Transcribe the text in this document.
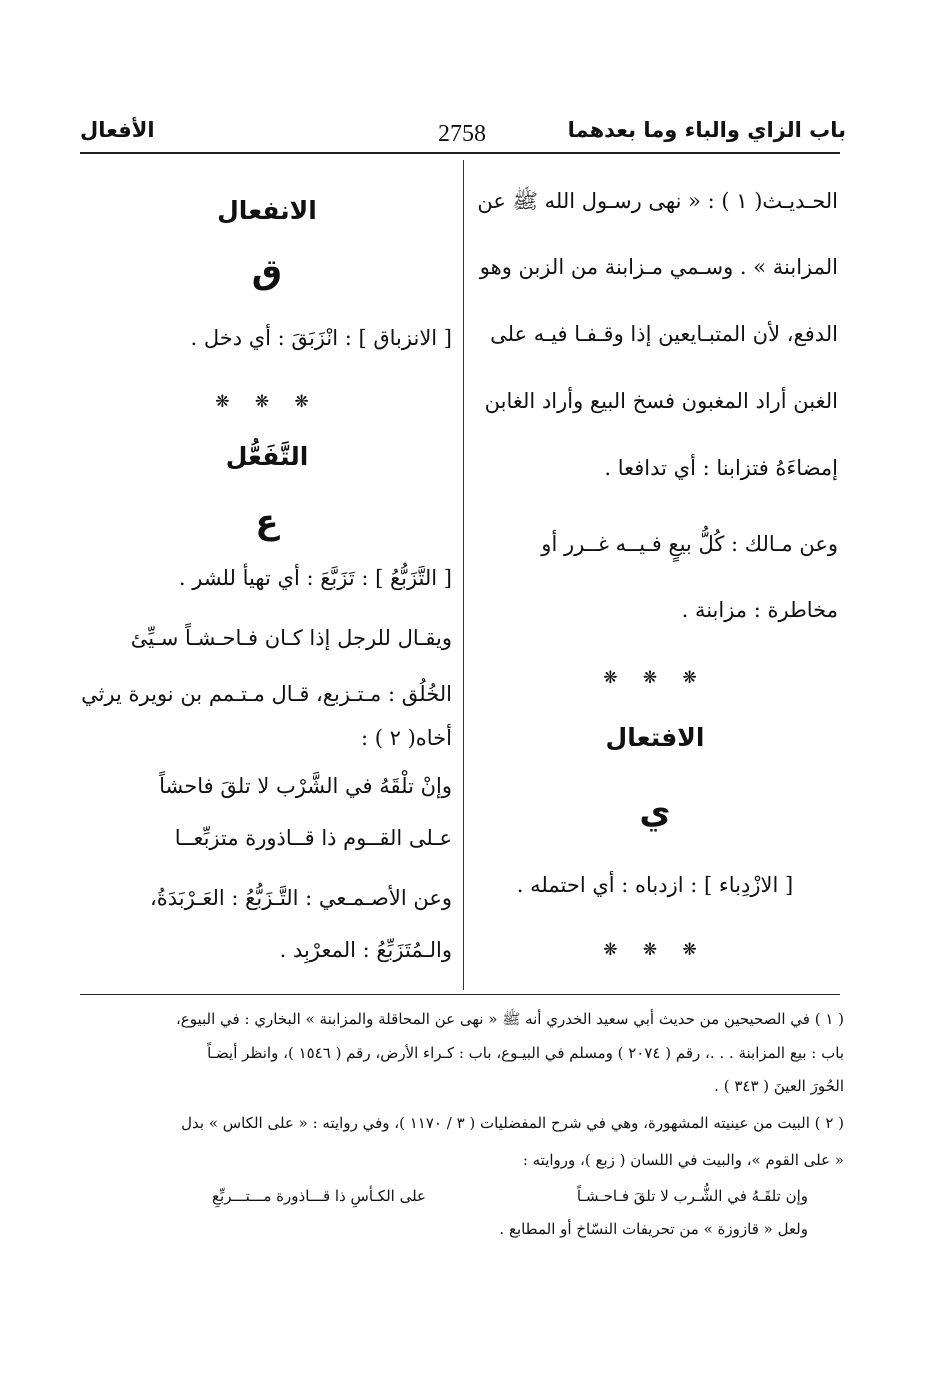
باب الزاي والباء وما بعدهما
2758
الأفعال
الحـديـث( ١ ) : « نهى رسـول الله ﷺ عن
المزابنة » . وسـمي مـزابنة من الزبن وهو
الدفع، لأن المتبـايعين إذا وقـفـا فيـه على
الغبن أراد المغبون فسخ البيع وأراد الغابن
إمضاءَهُ فتزابنا : أي تدافعا .
وعن مـالك : كُلُّ بيعٍ فـيــه غــرر أو
مخاطرة : مزابنة .
❋ ❋ ❋
الافتعال
ي
[ الازْدِباء ] : ازدباه : أي احتمله .
❋ ❋ ❋
الانفعال
ق
[ الانزباق ] : انْزَبَقَ : أي دخل .
❋ ❋ ❋
التَّفَعُّل
ع
[ التَّزَبُّعُ ] : تَزَبَّعَ : أي تهيأ للشر .
ويقـال للرجل إذا كـان فـاحـشـاً سـيِّئ
الخُلُق : مـتـزبع، قـال مـتـمم بن نويرة يرثي
أخاه( ٢ ) :
وإنْ تلْقَهُ في الشَّرْب لا تلقَ فاحشاً
عـلى القــوم ذا قــاذورة متزبِّعــا
وعن الأصـمـعي : التَّـزَبُّعُ : العَـرْبَدَةُ،
والـمُتَزَبِّعُ : المعرْبِد .
( ١ ) في الصحيحين من حديث أبي سعيد الخدري أنه ﷺ « نهى عن المحاقلة والمزابنة » البخاري : في البيوع،
باب : بيع المزابنة . . .، رقم ( ٢٠٧٤ ) ومسلم في البيـوع، باب : كـراء الأرض، رقم ( ١٥٤٦ )، وانظر أيضـاً
الحُورَ العينَ ( ٣٤٣ ) .
( ٢ ) البيت من عينيته المشهورة، وهي في شرح المفضليات ( ٣ / ١١٧٠ )، وفي روايته : « على الكاس » بدل
« على القوم »، والبيت في اللسان ( زبع )، وروايته :
وإن تلقَـهُ في الشُّـرب لا تلقَ فـاحـشـاً
على الكـأسِ ذا قـــاذورة مـــتـــربِّعِ
ولعل « قازوزة » من تحريفات النسّاخ أو المطابع .
